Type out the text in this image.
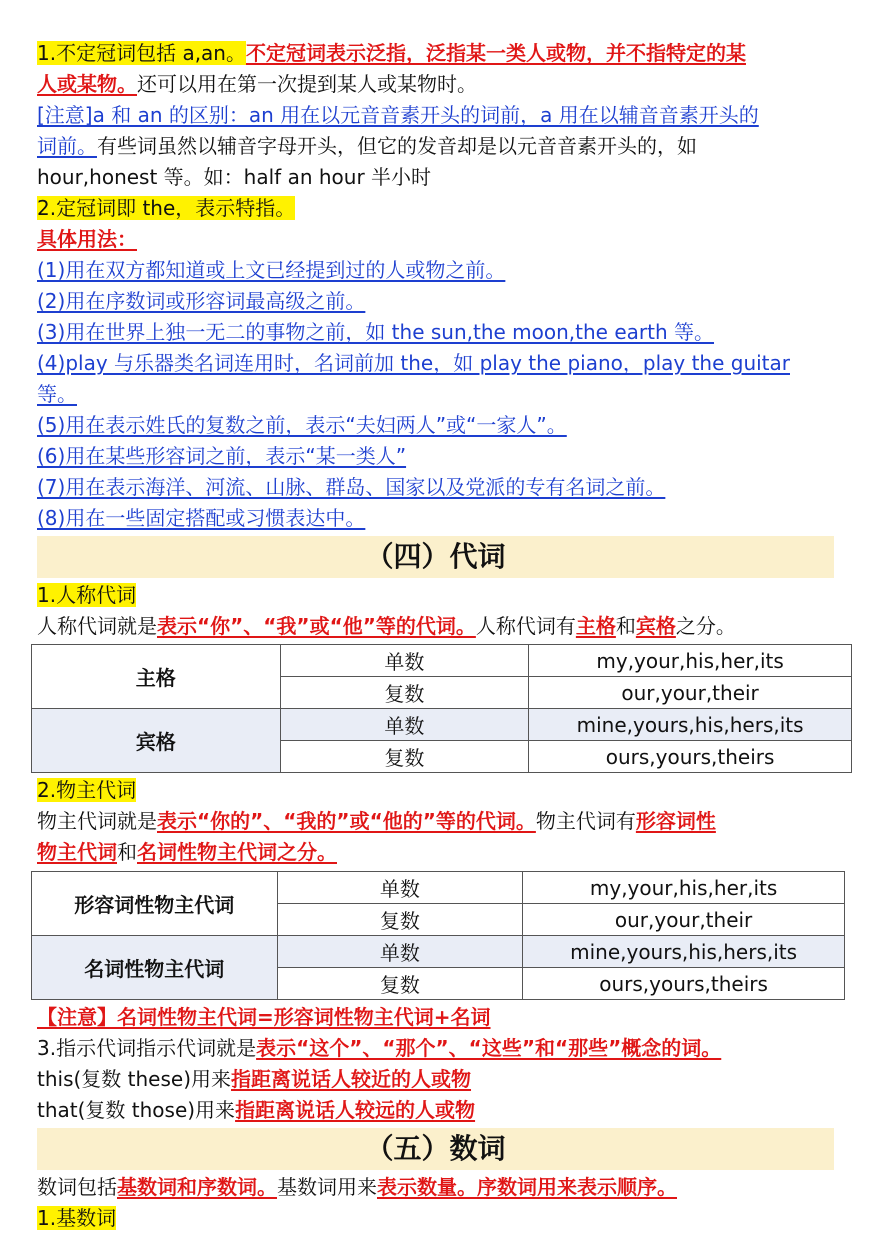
1.不定冠词包括 a,an。不定冠词表示泛指，泛指某一类人或物，并不指特定的某
人或某物。还可以用在第一次提到某人或某物时。
[注意]a 和 an 的区别：an 用在以元音音素开头的词前，a 用在以辅音音素开头的
词前。有些词虽然以辅音字母开头，但它的发音却是以元音音素开头的，如
hour,honest 等。如：half an hour 半小时
2.定冠词即 the，表示特指。
具体用法：
(1)用在双方都知道或上文已经提到过的人或物之前。
(2)用在序数词或形容词最高级之前。
(3)用在世界上独一无二的事物之前，如 the sun,the moon,the earth 等。
(4)play 与乐器类名词连用时，名词前加 the，如 play the piano，play the guitar
等。
(5)用在表示姓氏的复数之前，表示“夫妇两人”或“一家人”。
(6)用在某些形容词之前，表示“某一类人”
(7)用在表示海洋、河流、山脉、群岛、国家以及党派的专有名词之前。
(8)用在一些固定搭配或习惯表达中。
（四）代词
1.人称代词
人称代词就是表示“你”、“我”或“他”等的代词。人称代词有主格和宾格之分。
主格	单数	my,your,his,her,its
	复数	our,your,their
宾格	单数	mine,yours,his,hers,its
	复数	ours,yours,theirs
2.物主代词
物主代词就是表示“你的”、“我的”或“他的”等的代词。物主代词有形容词性
物主代词和名词性物主代词之分。
形容词性物主代词	单数	my,your,his,her,its
	复数	our,your,their
名词性物主代词	单数	mine,yours,his,hers,its
	复数	ours,yours,theirs
【注意】名词性物主代词=形容词性物主代词+名词
3.指示代词指示代词就是表示“这个”、“那个”、“这些”和“那些”概念的词。
this(复数 these)用来指距离说话人较近的人或物
that(复数 those)用来指距离说话人较远的人或物
（五）数词
数词包括基数词和序数词。基数词用来表示数量。序数词用来表示顺序。
1.基数词
